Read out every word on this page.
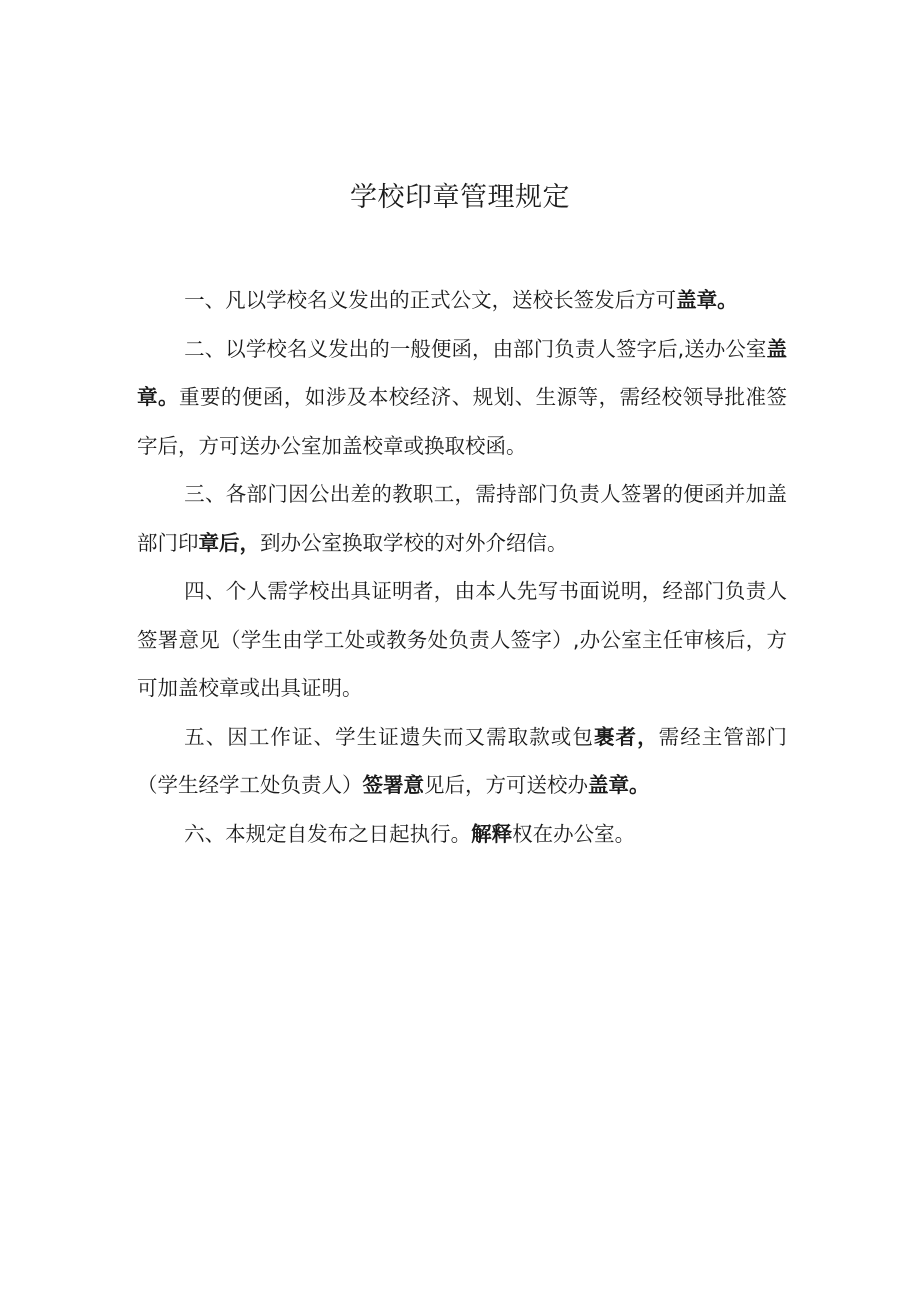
学校印章管理规定

一、凡以学校名义发出的正式公文，送校长签发后方可盖章。

二、以学校名义发出的一般便函，由部门负责人签字后,送办公室盖章。重要的便函，如涉及本校经济、规划、生源等，需经校领导批准签字后，方可送办公室加盖校章或换取校函。

三、各部门因公出差的教职工，需持部门负责人签署的便函并加盖部门印章后，到办公室换取学校的对外介绍信。

四、个人需学校出具证明者，由本人先写书面说明，经部门负责人签署意见（学生由学工处或教务处负责人签字）,办公室主任审核后，方可加盖校章或出具证明。

五、因工作证、学生证遗失而又需取款或包裹者，需经主管部门（学生经学工处负责人）签署意见后，方可送校办盖章。

六、本规定自发布之日起执行。解释权在办公室。
